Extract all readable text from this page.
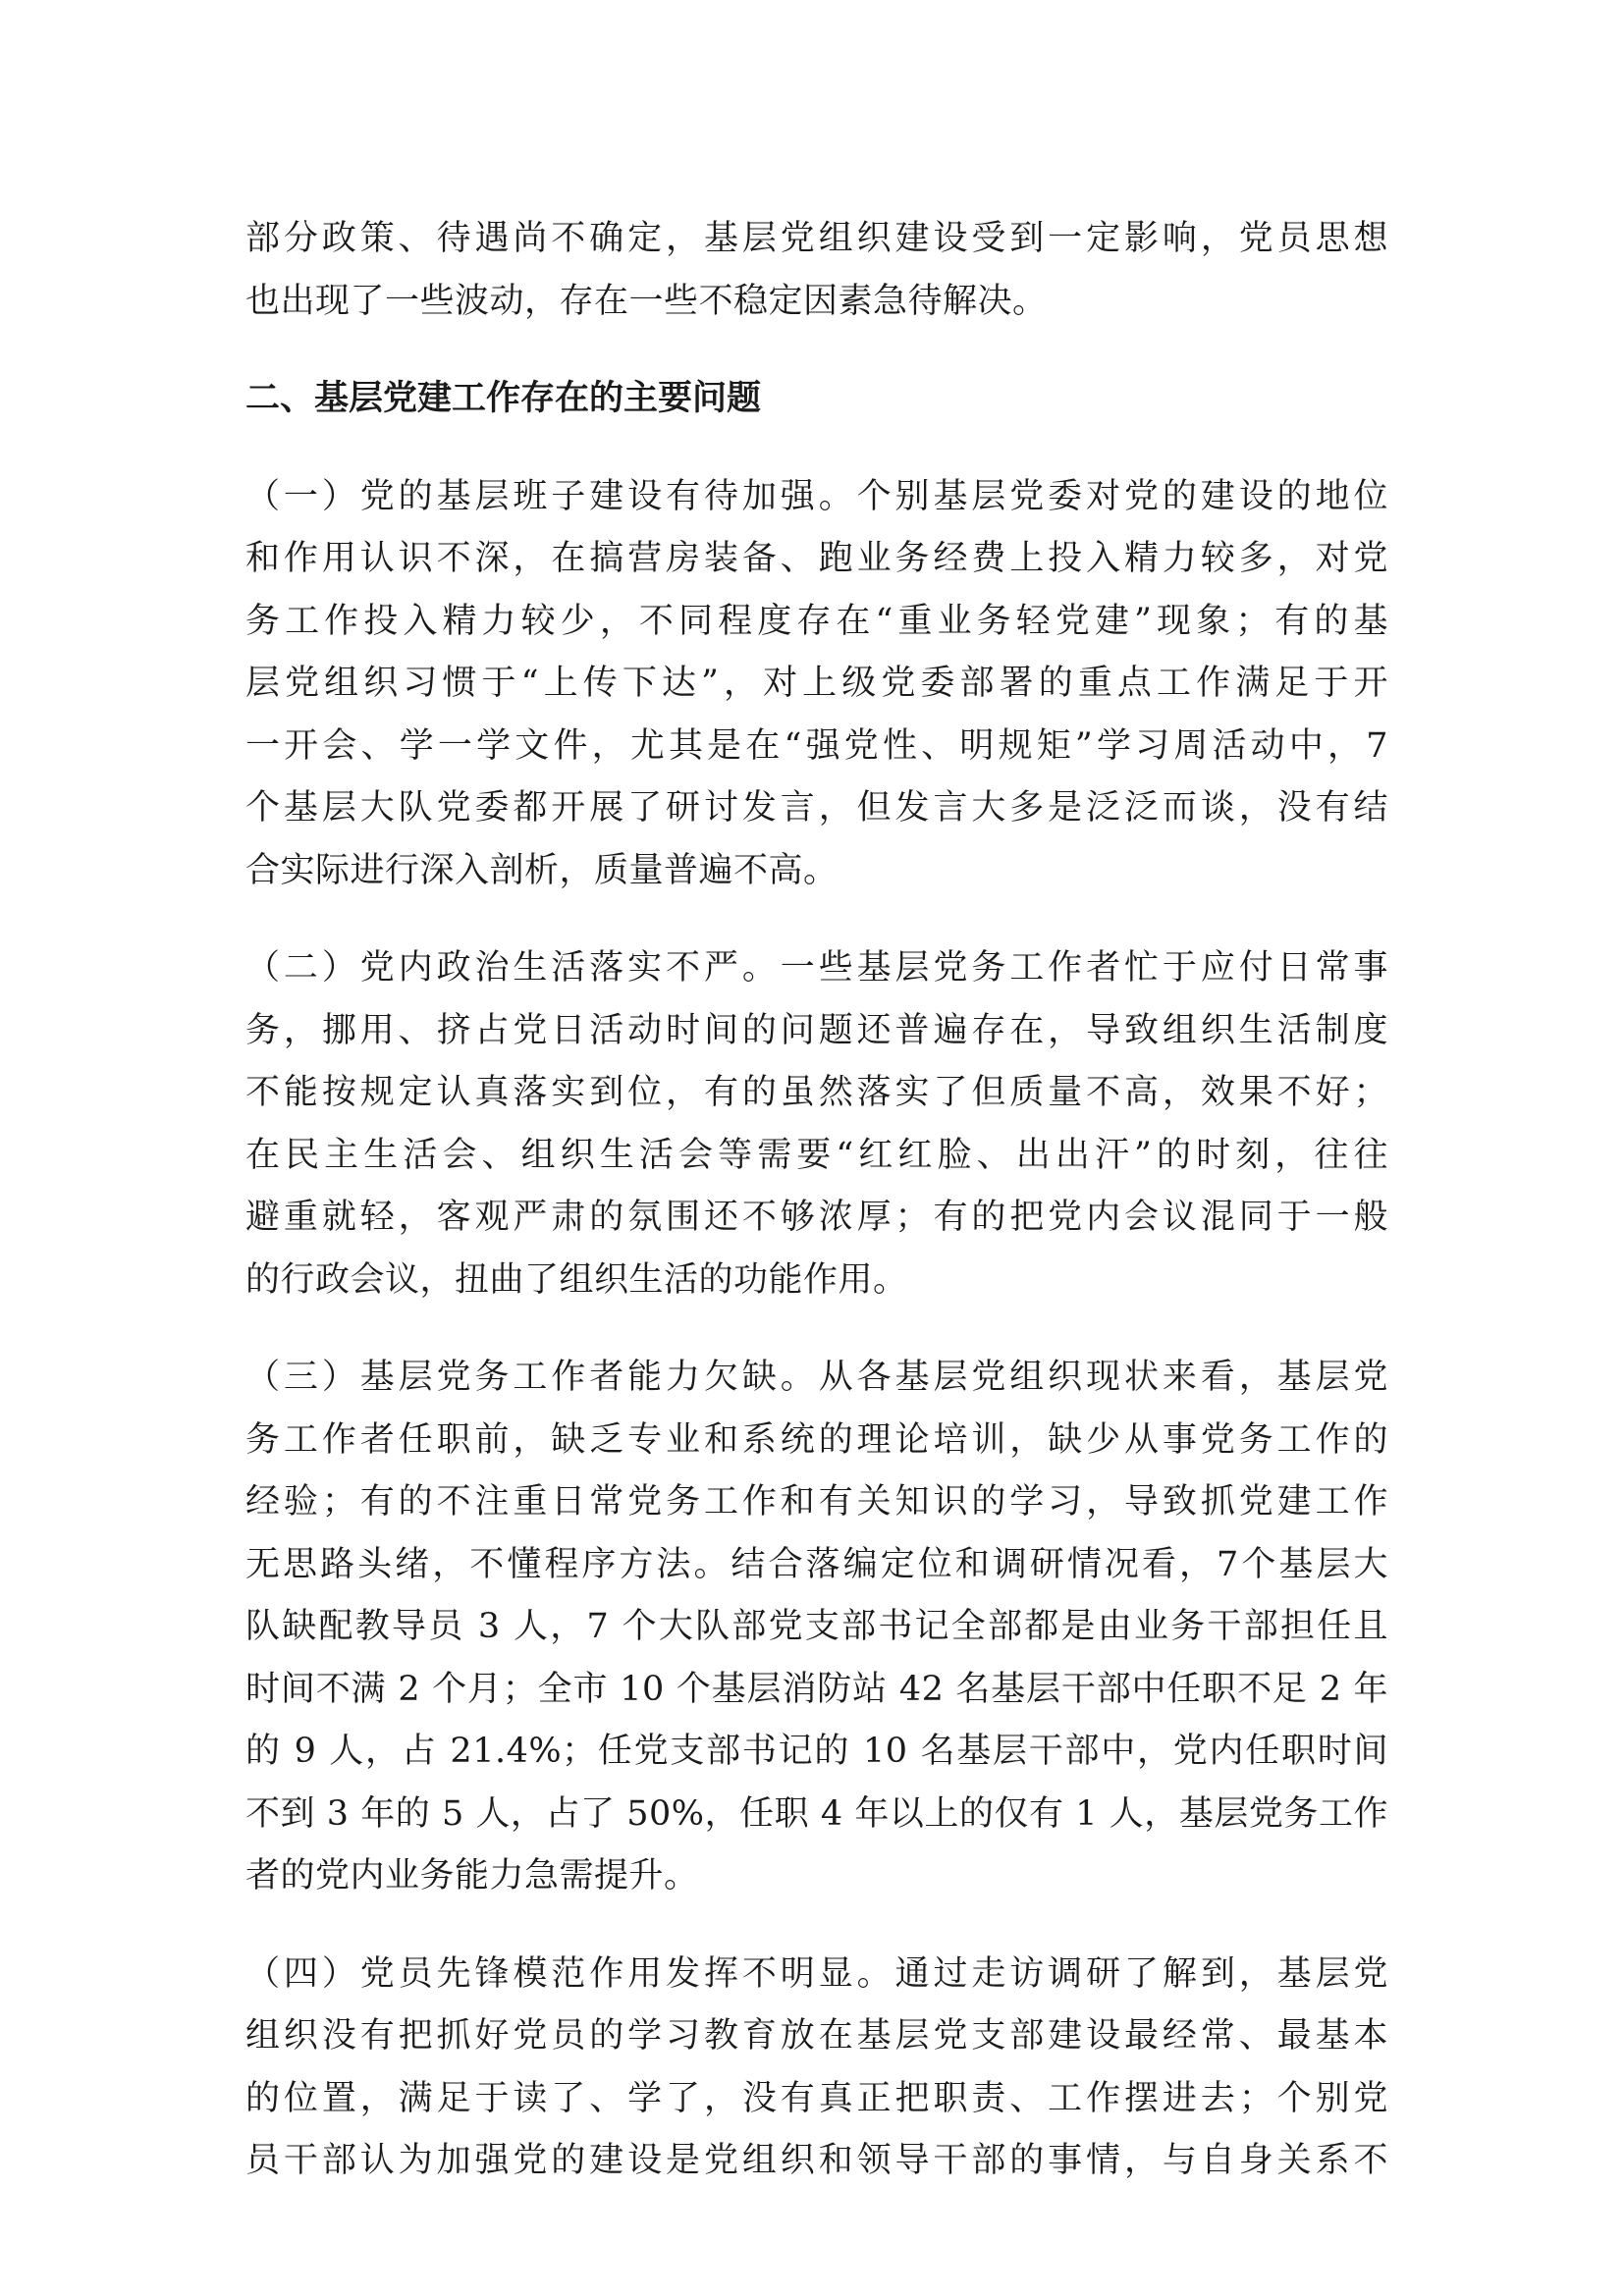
部分政策、待遇尚不确定，基层党组织建设受到一定影响，党员思想
也出现了一些波动，存在一些不稳定因素急待解决。
二、基层党建工作存在的主要问题
（一）党的基层班子建设有待加强。个别基层党委对党的建设的地位
和作用认识不深，在搞营房装备、跑业务经费上投入精力较多，对党
务工作投入精力较少，不同程度存在“重业务轻党建”现象；有的基
层党组织习惯于“上传下达”，对上级党委部署的重点工作满足于开
一开会、学一学文件，尤其是在“强党性、明规矩”学习周活动中，7
个基层大队党委都开展了研讨发言，但发言大多是泛泛而谈，没有结
合实际进行深入剖析，质量普遍不高。
（二）党内政治生活落实不严。一些基层党务工作者忙于应付日常事
务，挪用、挤占党日活动时间的问题还普遍存在，导致组织生活制度
不能按规定认真落实到位，有的虽然落实了但质量不高，效果不好；
在民主生活会、组织生活会等需要“红红脸、出出汗”的时刻，往往
避重就轻，客观严肃的氛围还不够浓厚；有的把党内会议混同于一般
的行政会议，扭曲了组织生活的功能作用。
（三）基层党务工作者能力欠缺。从各基层党组织现状来看，基层党
务工作者任职前，缺乏专业和系统的理论培训，缺少从事党务工作的
经验；有的不注重日常党务工作和有关知识的学习，导致抓党建工作
无思路头绪，不懂程序方法。结合落编定位和调研情况看，7个基层大
队缺配教导员 3 人，7 个大队部党支部书记全部都是由业务干部担任且
时间不满 2 个月；全市 10 个基层消防站 42 名基层干部中任职不足 2 年
的 9 人，占 21.4%；任党支部书记的 10 名基层干部中，党内任职时间
不到 3 年的 5 人，占了 50%，任职 4 年以上的仅有 1 人，基层党务工作
者的党内业务能力急需提升。
（四）党员先锋模范作用发挥不明显。通过走访调研了解到，基层党
组织没有把抓好党员的学习教育放在基层党支部建设最经常、最基本
的位置，满足于读了、学了，没有真正把职责、工作摆进去；个别党
员干部认为加强党的建设是党组织和领导干部的事情，与自身关系不
